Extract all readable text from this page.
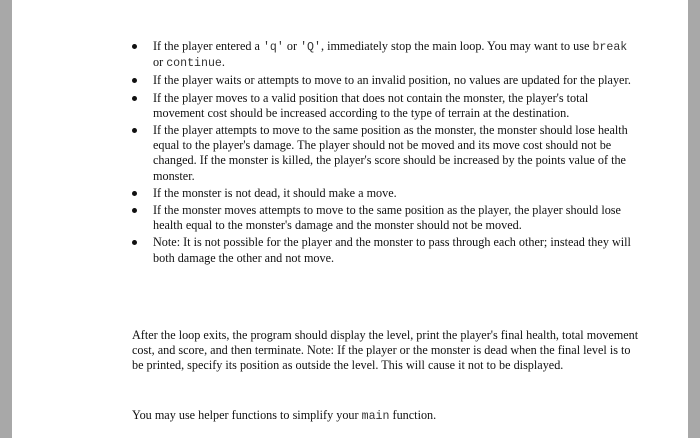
If the player entered a 'q' or 'Q', immediately stop the main loop. You may want to use break or continue.
If the player waits or attempts to move to an invalid position, no values are updated for the player.
If the player moves to a valid position that does not contain the monster, the player's total movement cost should be increased according to the type of terrain at the destination.
If the player attempts to move to the same position as the monster, the monster should lose health equal to the player's damage. The player should not be moved and its move cost should not be changed. If the monster is killed, the player's score should be increased by the points value of the monster.
If the monster is not dead, it should make a move.
If the monster moves attempts to move to the same position as the player, the player should lose health equal to the monster's damage and the monster should not be moved.
Note: It is not possible for the player and the monster to pass through each other; instead they will both damage the other and not move.

After the loop exits, the program should display the level, print the player's final health, total movement cost, and score, and then terminate. Note: If the player or the monster is dead when the final level is to be printed, specify its position as outside the level. This will cause it not to be displayed.

You may use helper functions to simplify your main function.
